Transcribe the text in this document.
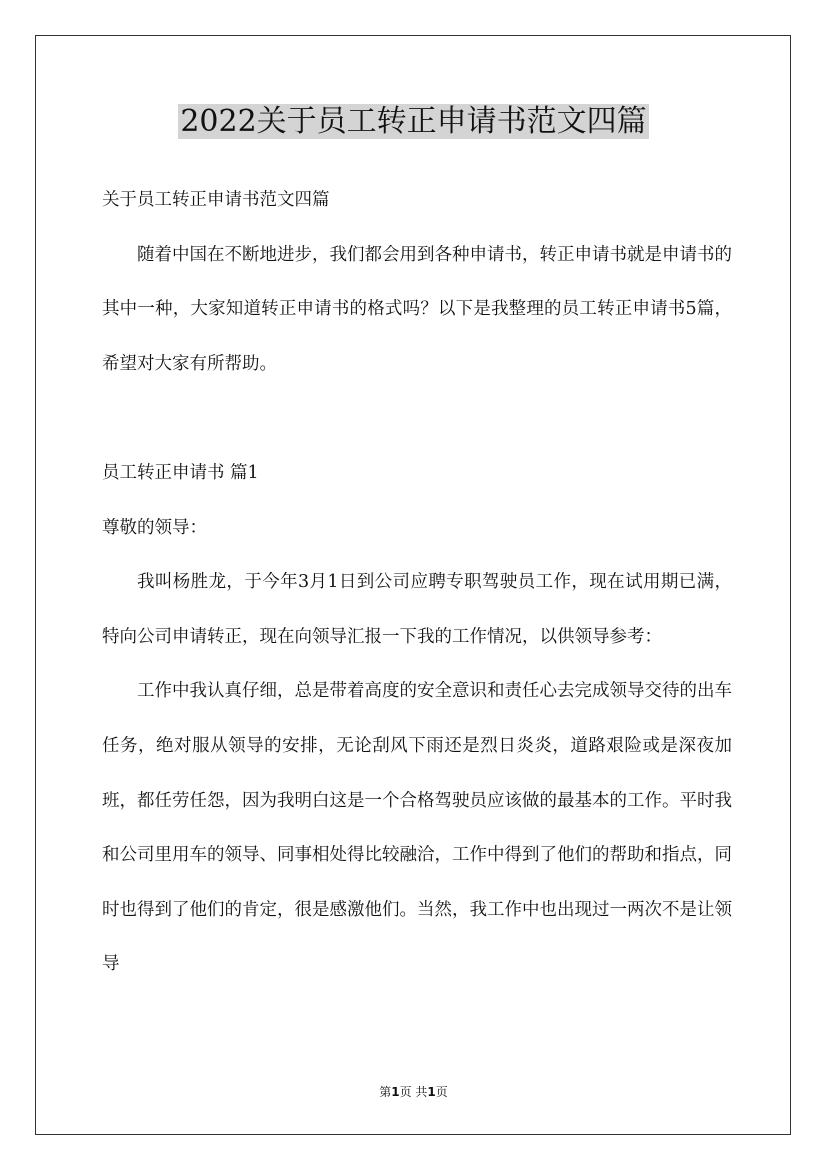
2022关于员工转正申请书范文四篇

关于员工转正申请书范文四篇

随着中国在不断地进步，我们都会用到各种申请书，转正申请书就是申请书的其中一种，大家知道转正申请书的格式吗？以下是我整理的员工转正申请书5篇，希望对大家有所帮助。

员工转正申请书 篇1

尊敬的领导：

我叫杨胜龙，于今年3月1日到公司应聘专职驾驶员工作，现在试用期已满，特向公司申请转正，现在向领导汇报一下我的工作情况，以供领导参考：

工作中我认真仔细，总是带着高度的安全意识和责任心去完成领导交待的出车任务，绝对服从领导的安排，无论刮风下雨还是烈日炎炎，道路艰险或是深夜加班，都任劳任怨，因为我明白这是一个合格驾驶员应该做的最基本的工作。平时我和公司里用车的领导、同事相处得比较融洽，工作中得到了他们的帮助和指点，同时也得到了他们的肯定，很是感激他们。当然，我工作中也出现过一两次不是让领导

第1页 共1页
